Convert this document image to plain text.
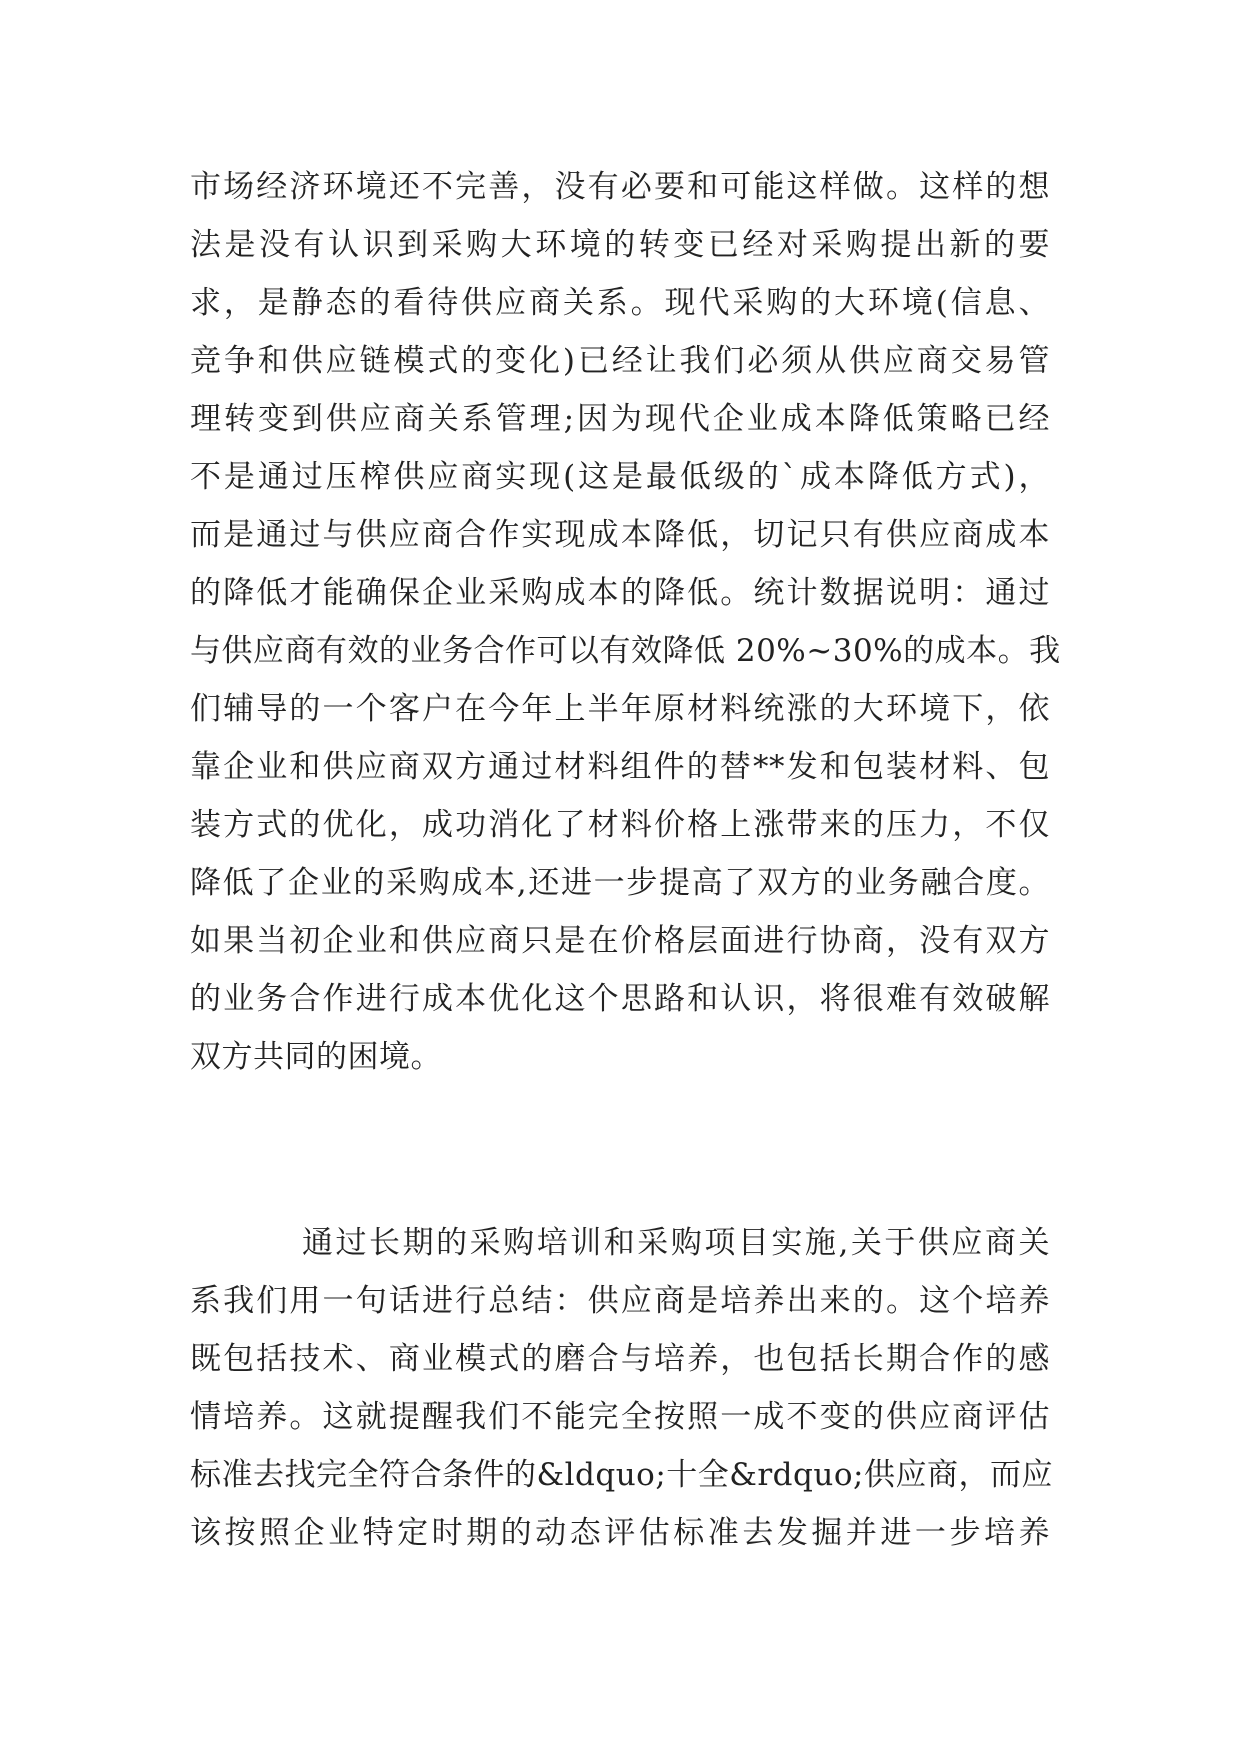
市场经济环境还不完善，没有必要和可能这样做。这样的想
法是没有认识到采购大环境的转变已经对采购提出新的要
求，是静态的看待供应商关系。现代采购的大环境(信息、
竞争和供应链模式的变化)已经让我们必须从供应商交易管
理转变到供应商关系管理;因为现代企业成本降低策略已经
不是通过压榨供应商实现(这是最低级的`成本降低方式)，
而是通过与供应商合作实现成本降低，切记只有供应商成本
的降低才能确保企业采购成本的降低。统计数据说明：通过
与供应商有效的业务合作可以有效降低 20%~30%的成本。我
们辅导的一个客户在今年上半年原材料统涨的大环境下，依
靠企业和供应商双方通过材料组件的替**发和包装材料、包
装方式的优化，成功消化了材料价格上涨带来的压力，不仅
降低了企业的采购成本,还进一步提高了双方的业务融合度。
如果当初企业和供应商只是在价格层面进行协商，没有双方
的业务合作进行成本优化这个思路和认识，将很难有效破解
双方共同的困境。
通过长期的采购培训和采购项目实施,关于供应商关
系我们用一句话进行总结：供应商是培养出来的。这个培养
既包括技术、商业模式的磨合与培养，也包括长期合作的感
情培养。这就提醒我们不能完全按照一成不变的供应商评估
标准去找完全符合条件的&ldquo;十全&rdquo;供应商，而应
该按照企业特定时期的动态评估标准去发掘并进一步培养
